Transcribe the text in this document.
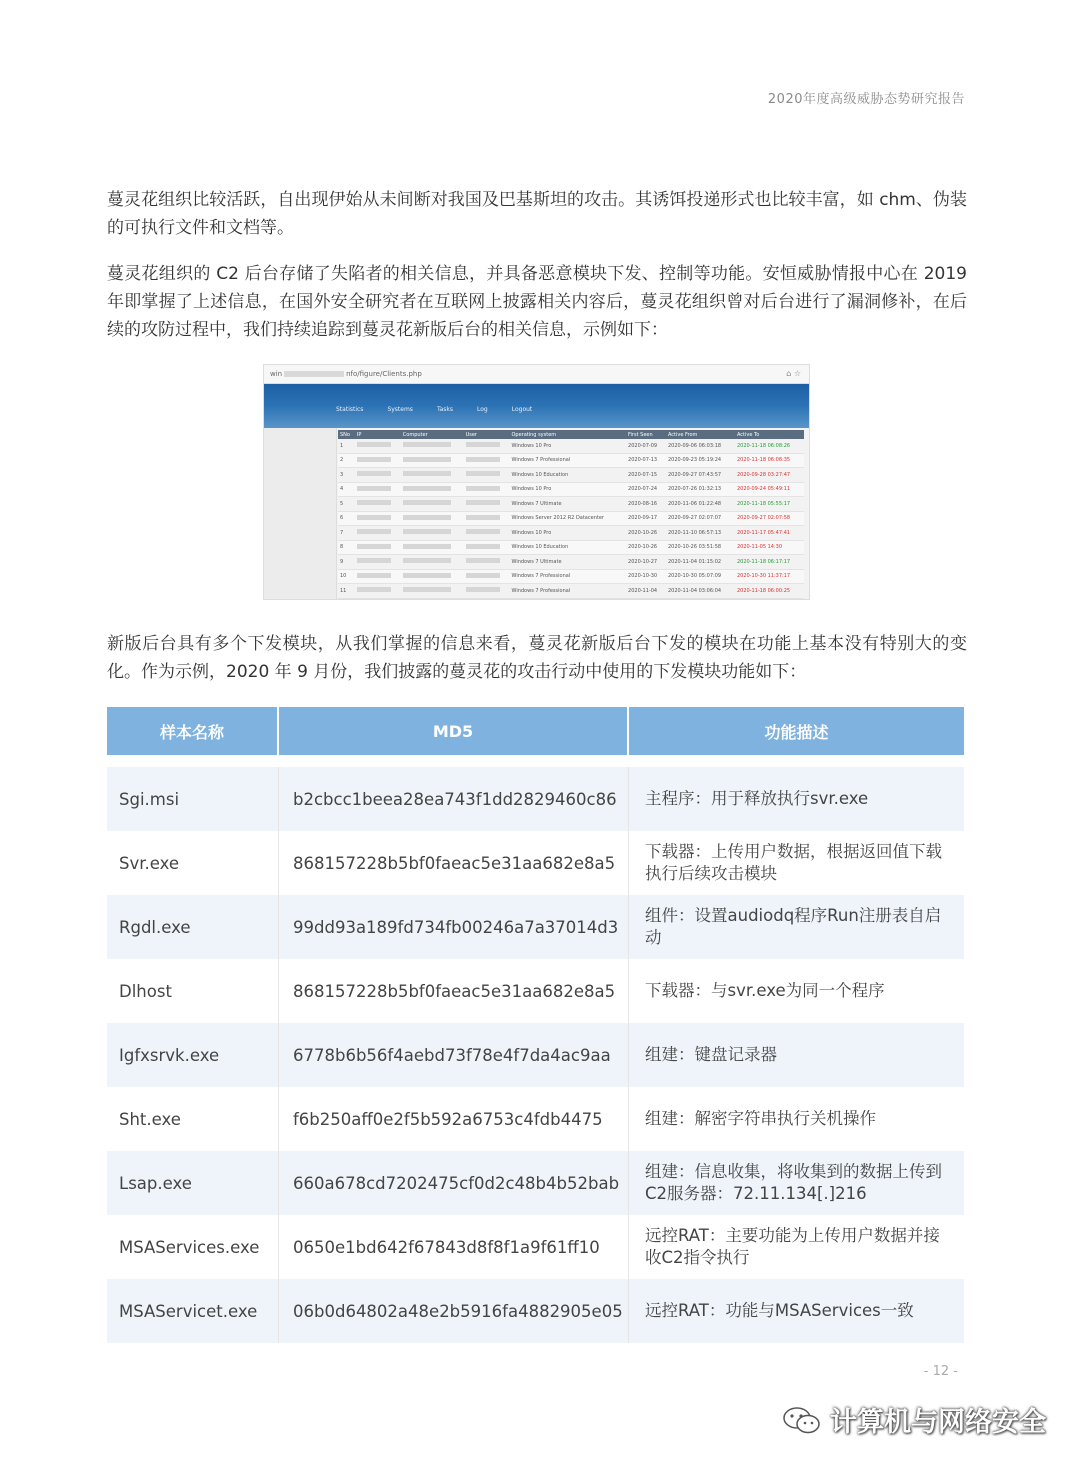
2020年度高级威胁态势研究报告

蔓灵花组织比较活跃，自出现伊始从未间断对我国及巴基斯坦的攻击。其诱饵投递形式也比较丰富，如 chm、伪装的可执行文件和文档等。

蔓灵花组织的 C2 后台存储了失陷者的相关信息，并具备恶意模块下发、控制等功能。安恒威胁情报中心在 2019 年即掌握了上述信息，在国外安全研究者在互联网上披露相关内容后，蔓灵花组织曾对后台进行了漏洞修补，在后续的攻防过程中，我们持续追踪到蔓灵花新版后台的相关信息，示例如下：

win	nfo/figure/Clients.php	⌂ ☆
Statistics	Systems	Tasks	Log	Logout
SNo	IP	Computer	User	Operating system	First Seen	Active From	Active To
1				Windows 10 Pro	2020-07-09	2020-09-06 06:03:18	2020-11-18 06:08:26
2				Windows 7 Professional	2020-07-13	2020-09-23 05:19:24	2020-11-18 06:08:35
3				Windows 10 Education	2020-07-15	2020-09-27 07:43:57	2020-09-28 03:27:47
4				Windows 10 Pro	2020-07-24	2020-07-26 01:32:13	2020-09-24 05:49:11
5				Windows 7 Ultimate	2020-08-16	2020-11-06 01:22:48	2020-11-18 05:55:17
6				Windows Server 2012 R2 Datacenter	2020-09-17	2020-09-27 02:07:07	2020-09-27 02:07:58
7				Windows 10 Pro	2020-10-26	2020-11-10 06:57:13	2020-11-17 05:47:41
8				Windows 10 Education	2020-10-26	2020-10-26 03:51:58	2020-11-05 14:30
9				Windows 7 Ultimate	2020-10-27	2020-11-04 01:15:02	2020-11-18 06:17:17
10				Windows 7 Professional	2020-10-30	2020-10-30 05:07:09	2020-10-30 11:37:17
11				Windows 7 Professional	2020-11-04	2020-11-04 03:06:04	2020-11-18 06:00:25

新版后台具有多个下发模块，从我们掌握的信息来看，蔓灵花新版后台下发的模块在功能上基本没有特别大的变化。作为示例，2020 年 9 月份，我们披露的蔓灵花的攻击行动中使用的下发模块功能如下：

样本名称	MD5	功能描述

Sgi.msi	b2cbcc1beea28ea743f1dd2829460c86	主程序：用于释放执行svr.exe
Svr.exe	868157228b5bf0faeac5e31aa682e8a5	下载器：上传用户数据，根据返回值下载执行后续攻击模块
Rgdl.exe	99dd93a189fd734fb00246a7a37014d3	组件：设置audiodq程序Run注册表自启动
Dlhost	868157228b5bf0faeac5e31aa682e8a5	下载器：与svr.exe为同一个程序
Igfxsrvk.exe	6778b6b56f4aebd73f78e4f7da4ac9aa	组建：键盘记录器
Sht.exe	f6b250aff0e2f5b592a6753c4fdb4475	组建：解密字符串执行关机操作
Lsap.exe	660a678cd7202475cf0d2c48b4b52bab	组建：信息收集，将收集到的数据上传到C2服务器：72.11.134[.]216
MSAServices.exe	0650e1bd642f67843d8f8f1a9f61ff10	远控RAT：主要功能为上传用户数据并接收C2指令执行
MSAServicet.exe	06b0d64802a48e2b5916fa4882905e05	远控RAT：功能与MSAServices一致
- 12 -
计算机与网络安全
